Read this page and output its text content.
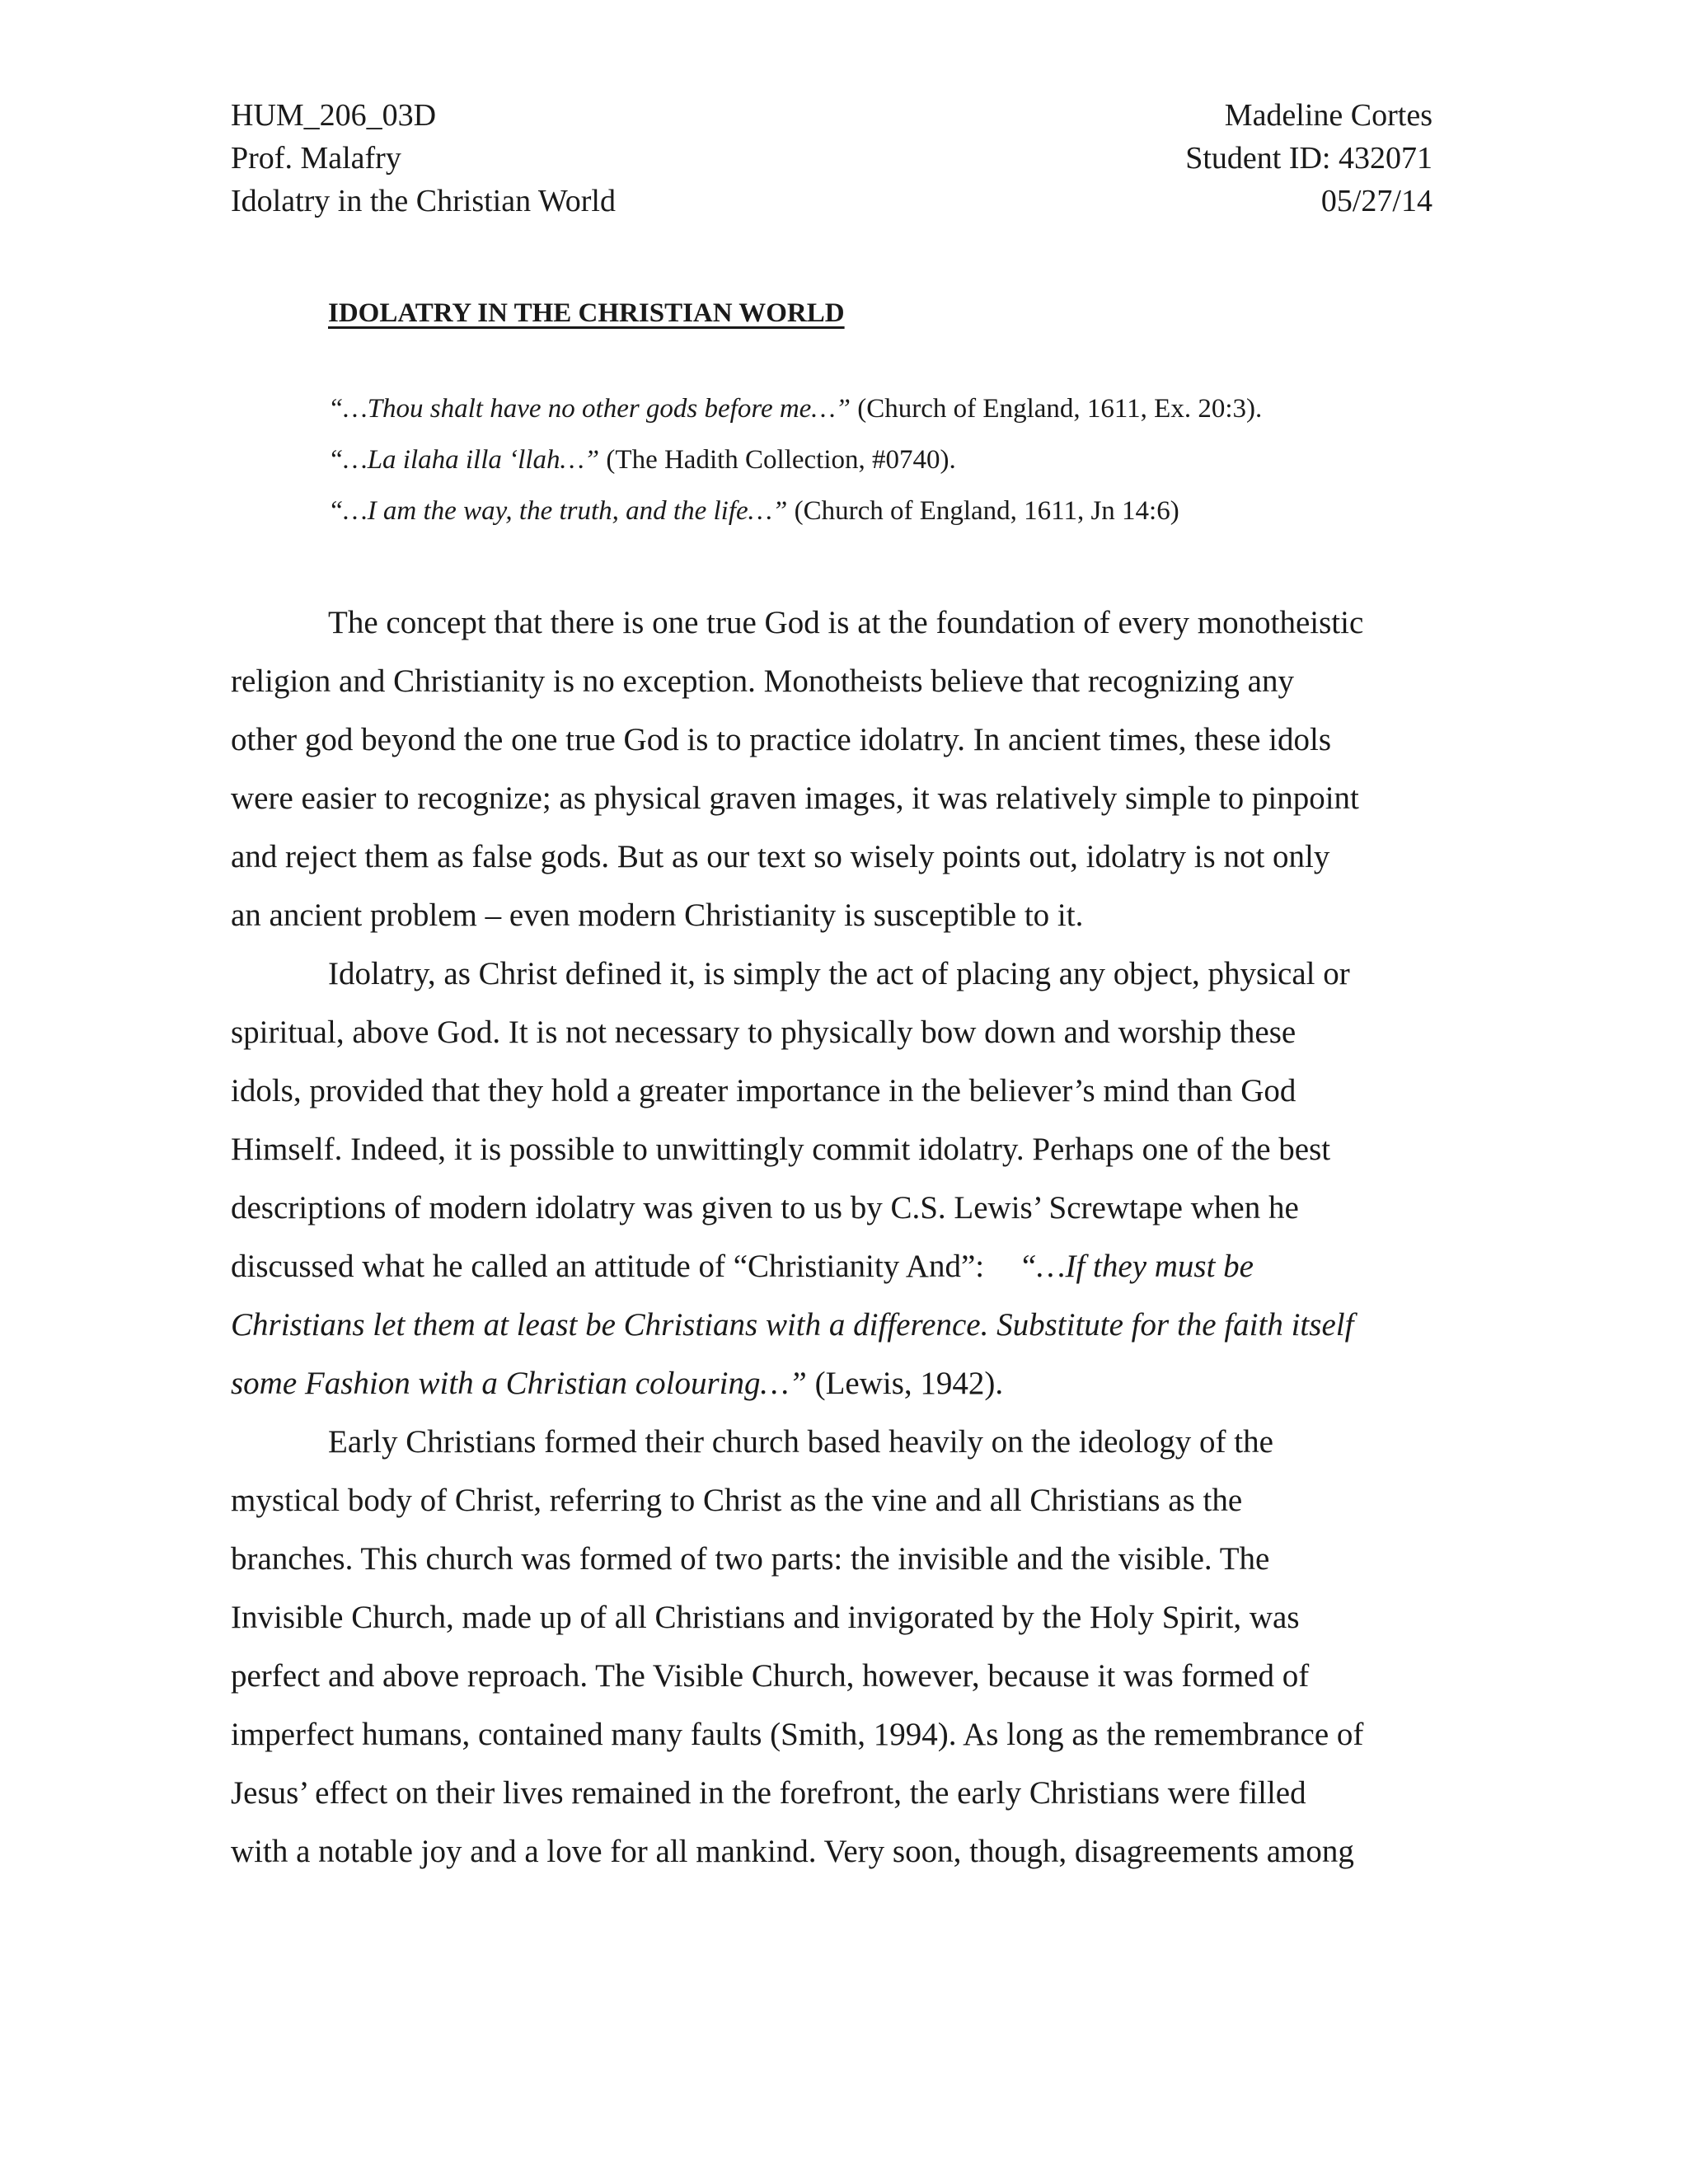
HUM_206_03D	Madeline Cortes
Prof. Malafry	Student ID: 432071
Idolatry in the Christian World	05/27/14
IDOLATRY IN THE CHRISTIAN WORLD
“…Thou shalt have no other gods before me…” (Church of England, 1611, Ex. 20:3).
“…La ilaha illa ‘llah…” (The Hadith Collection, #0740).
“…I am the way, the truth, and the life…” (Church of England, 1611, Jn 14:6)
The concept that there is one true God is at the foundation of every monotheistic
religion and Christianity is no exception. Monotheists believe that recognizing any
other god beyond the one true God is to practice idolatry. In ancient times, these idols
were easier to recognize; as physical graven images, it was relatively simple to pinpoint
and reject them as false gods. But as our text so wisely points out, idolatry is not only
an ancient problem – even modern Christianity is susceptible to it.
Idolatry, as Christ defined it, is simply the act of placing any object, physical or
spiritual, above God. It is not necessary to physically bow down and worship these
idols, provided that they hold a greater importance in the believer’s mind than God
Himself. Indeed, it is possible to unwittingly commit idolatry. Perhaps one of the best
descriptions of modern idolatry was given to us by C.S. Lewis’ Screwtape when he
discussed what he called an attitude of “Christianity And”: “…If they must be
Christians let them at least be Christians with a difference. Substitute for the faith itself
some Fashion with a Christian colouring…” (Lewis, 1942).
Early Christians formed their church based heavily on the ideology of the
mystical body of Christ, referring to Christ as the vine and all Christians as the
branches. This church was formed of two parts: the invisible and the visible. The
Invisible Church, made up of all Christians and invigorated by the Holy Spirit, was
perfect and above reproach. The Visible Church, however, because it was formed of
imperfect humans, contained many faults (Smith, 1994). As long as the remembrance of
Jesus’ effect on their lives remained in the forefront, the early Christians were filled
with a notable joy and a love for all mankind. Very soon, though, disagreements among
